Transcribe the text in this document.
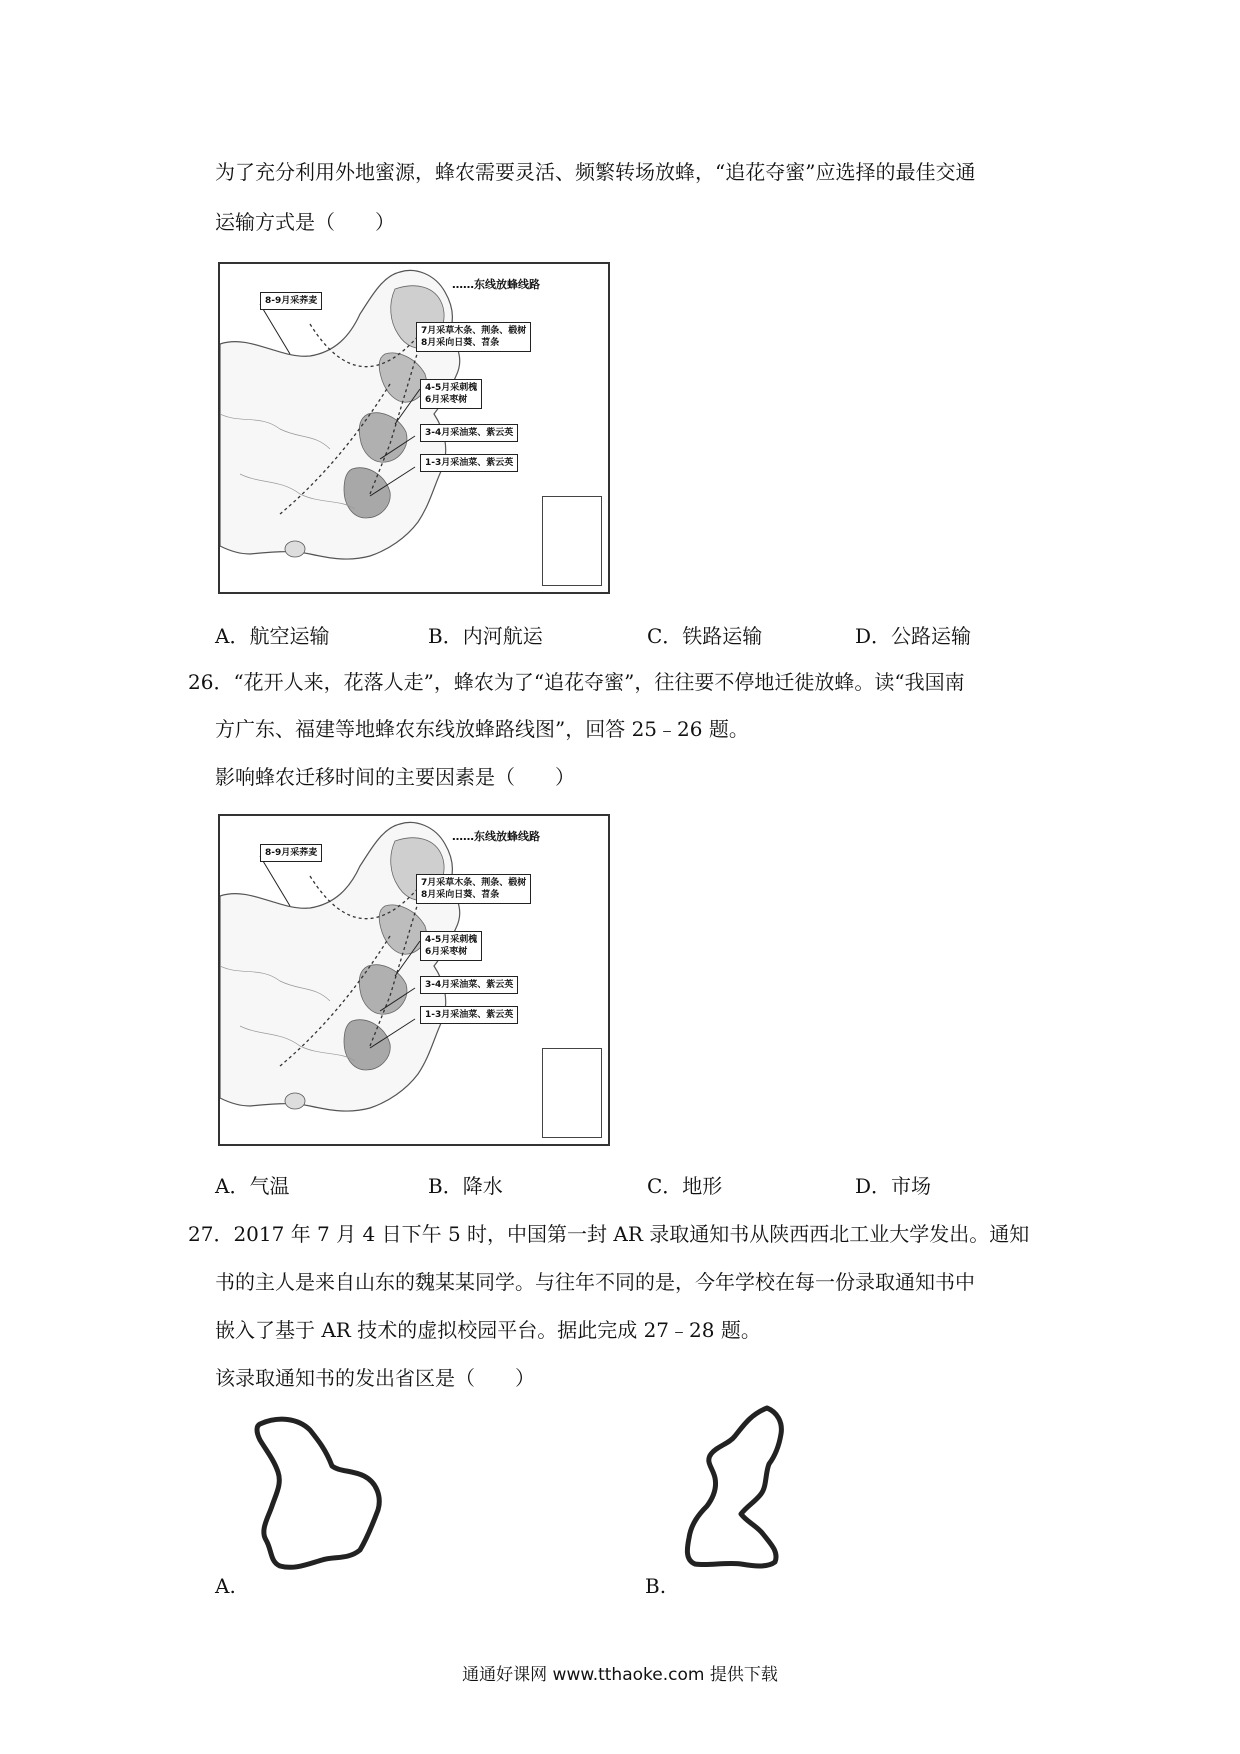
为了充分利用外地蜜源，蜂农需要灵活、频繁转场放蜂，“追花夺蜜”应选择的最佳交通
运输方式是（　　）
……东线放蜂线路
8-9月采荞麦
7月采草木条、荆条、椴树
8月采向日葵、苕条
4-5月采刺槐
6月采枣树
3-4月采油菜、紫云英
1-3月采油菜、紫云英
A．航空运输	B．内河航运	C．铁路运输	D．公路运输
26．“花开人来，花落人走”，蜂农为了“追花夺蜜”，往往要不停地迁徙放蜂。读“我国南
方广东、福建等地蜂农东线放蜂路线图”，回答 25﹣26 题。
影响蜂农迁移时间的主要因素是（　　）
……东线放蜂线路
8-9月采荞麦
7月采草木条、荆条、椴树
8月采向日葵、苕条
4-5月采刺槐
6月采枣树
3-4月采油菜、紫云英
1-3月采油菜、紫云英
A．气温	B．降水	C．地形	D．市场
27．2017 年 7 月 4 日下午 5 时，中国第一封 AR 录取通知书从陕西西北工业大学发出。通知
书的主人是来自山东的魏某某同学。与往年不同的是，今年学校在每一份录取通知书中
嵌入了基于 AR 技术的虚拟校园平台。据此完成 27﹣28 题。
该录取通知书的发出省区是（　　）
A.	B.
通通好课网 www.tthaoke.com 提供下载
